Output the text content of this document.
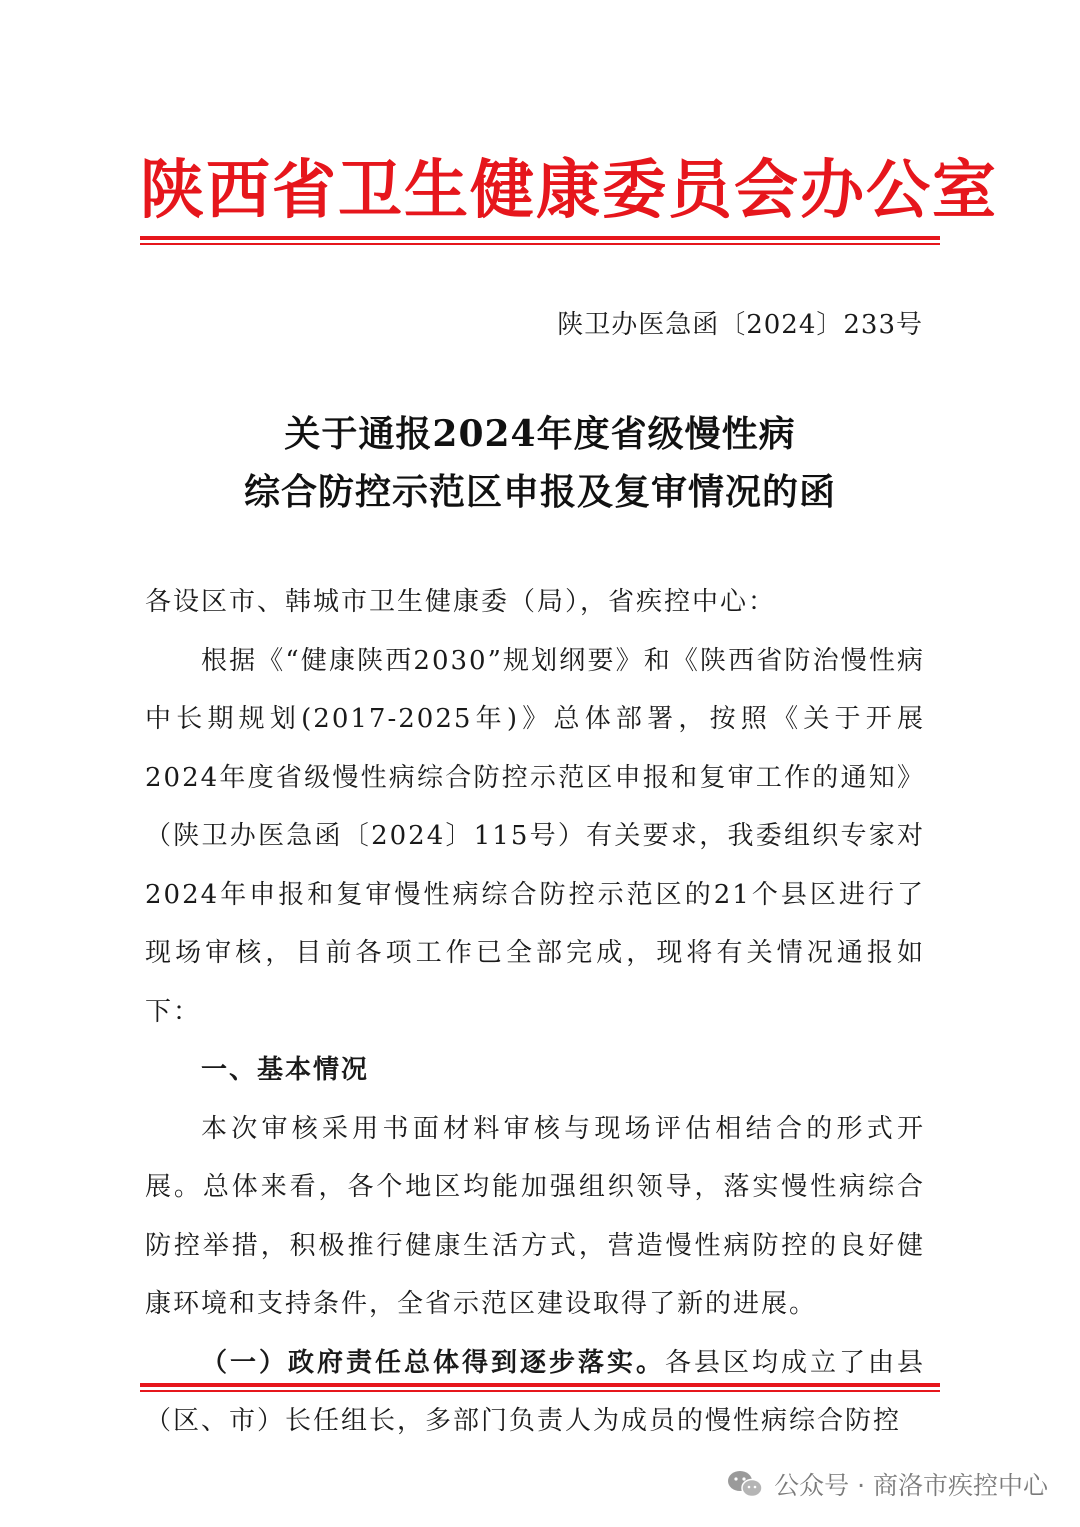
陕西省卫生健康委员会办公室
陕卫办医急函〔2024〕233号
关于通报2024年度省级慢性病
综合防控示范区申报及复审情况的函

各设区市、韩城市卫生健康委（局），省疾控中心：

根据《“健康陕西2030”规划纲要》和《陕西省防治慢性病中长期规划(2017-2025年)》总体部署，按照《关于开展2024年度省级慢性病综合防控示范区申报和复审工作的通知》（陕卫办医急函〔2024〕115号）有关要求，我委组织专家对2024年申报和复审慢性病综合防控示范区的21个县区进行了现场审核，目前各项工作已全部完成，现将有关情况通报如下：

一、基本情况

本次审核采用书面材料审核与现场评估相结合的形式开展。总体来看，各个地区均能加强组织领导，落实慢性病综合防控举措，积极推行健康生活方式，营造慢性病防控的良好健康环境和支持条件，全省示范区建设取得了新的进展。

（一）政府责任总体得到逐步落实。各县区均成立了由县（区、市）长任组长，多部门负责人为成员的慢性病综合防控

公众号 · 商洛市疾控中心
